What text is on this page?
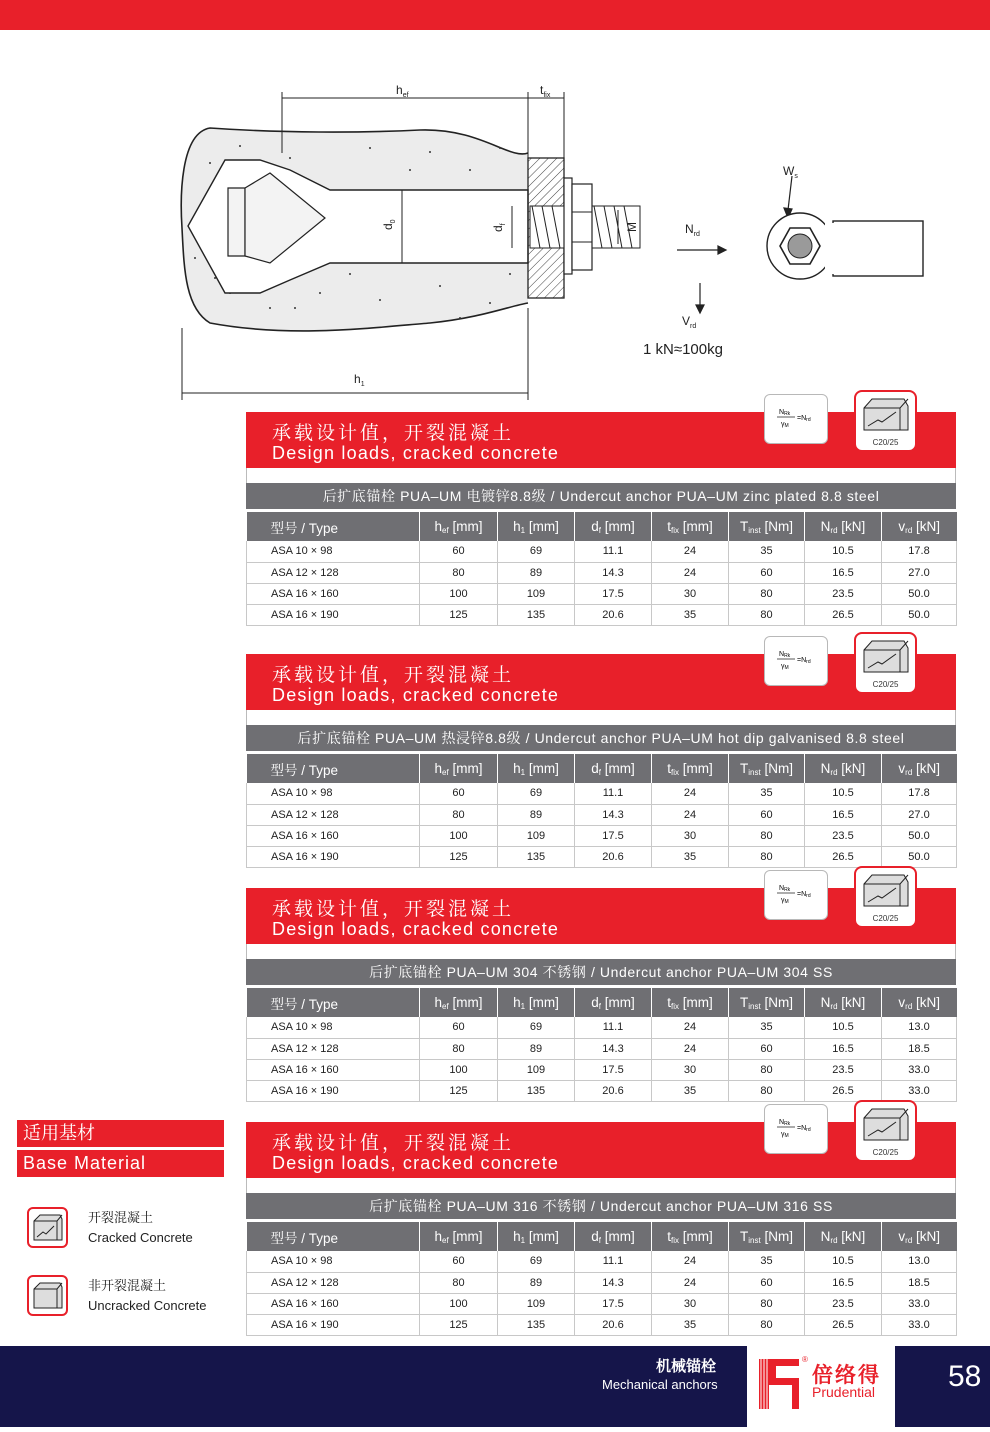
$h_{ef}$	$t_{fix}$
$h_1$
$d_0$
$d_f$	M	$N_{rd}$
$V_{rd}$
$W_s$
1 kN≈100kg
承载设计值，开裂混凝土
Design loads, cracked concrete
NRk
γM
=Nrd
C20/25
后扩底锚栓 PUA–UM 电镀锌8.8级 / Undercut anchor PUA–UM zinc plated 8.8 steel
型号 / Type	$h_{ef}$ [mm]	$h_1$ [mm]	$d_f$ [mm]	$t_{fix}$ [mm]	$T_{inst}$ [Nm]	$N_{rd}$ [kN]	$v_{rd}$ [kN]
ASA 10 × 98	60	69	11.1	24	35	10.5	17.8
ASA 12 × 128	80	89	14.3	24	60	16.5	27.0
ASA 16 × 160	100	109	17.5	30	80	23.5	50.0
ASA 16 × 190	125	135	20.6	35	80	26.5	50.0
承载设计值，开裂混凝土
Design loads, cracked concrete
NRk
γM
=Nrd
C20/25
后扩底锚栓 PUA–UM 热浸锌8.8级 / Undercut anchor PUA–UM hot dip galvanised 8.8 steel
型号 / Type	$h_{ef}$ [mm]	$h_1$ [mm]	$d_f$ [mm]	$t_{fix}$ [mm]	$T_{inst}$ [Nm]	$N_{rd}$ [kN]	$v_{rd}$ [kN]
ASA 10 × 98	60	69	11.1	24	35	10.5	17.8
ASA 12 × 128	80	89	14.3	24	60	16.5	27.0
ASA 16 × 160	100	109	17.5	30	80	23.5	50.0
ASA 16 × 190	125	135	20.6	35	80	26.5	50.0
承载设计值，开裂混凝土
Design loads, cracked concrete
NRk
γM
=Nrd
C20/25
后扩底锚栓 PUA–UM 304 不锈钢 / Undercut anchor PUA–UM 304 SS
型号 / Type	$h_{ef}$ [mm]	$h_1$ [mm]	$d_f$ [mm]	$t_{fix}$ [mm]	$T_{inst}$ [Nm]	$N_{rd}$ [kN]	$v_{rd}$ [kN]
ASA 10 × 98	60	69	11.1	24	35	10.5	13.0
ASA 12 × 128	80	89	14.3	24	60	16.5	18.5
ASA 16 × 160	100	109	17.5	30	80	23.5	33.0
ASA 16 × 190	125	135	20.6	35	80	26.5	33.0
承载设计值，开裂混凝土
Design loads, cracked concrete
NRk
γM
=Nrd
C20/25
后扩底锚栓 PUA–UM 316 不锈钢 / Undercut anchor PUA–UM 316 SS
型号 / Type	$h_{ef}$ [mm]	$h_1$ [mm]	$d_f$ [mm]	$t_{fix}$ [mm]	$T_{inst}$ [Nm]	$N_{rd}$ [kN]	$v_{rd}$ [kN]
ASA 10 × 98	60	69	11.1	24	35	10.5	13.0
ASA 12 × 128	80	89	14.3	24	60	16.5	18.5
ASA 16 × 160	100	109	17.5	30	80	23.5	33.0
ASA 16 × 190	125	135	20.6	35	80	26.5	33.0
适用基材
Base Material
开裂混凝土
Cracked Concrete
非开裂混凝土
Uncracked Concrete
机械锚栓
Mechanical anchors
®
倍络得
Prudential 58
